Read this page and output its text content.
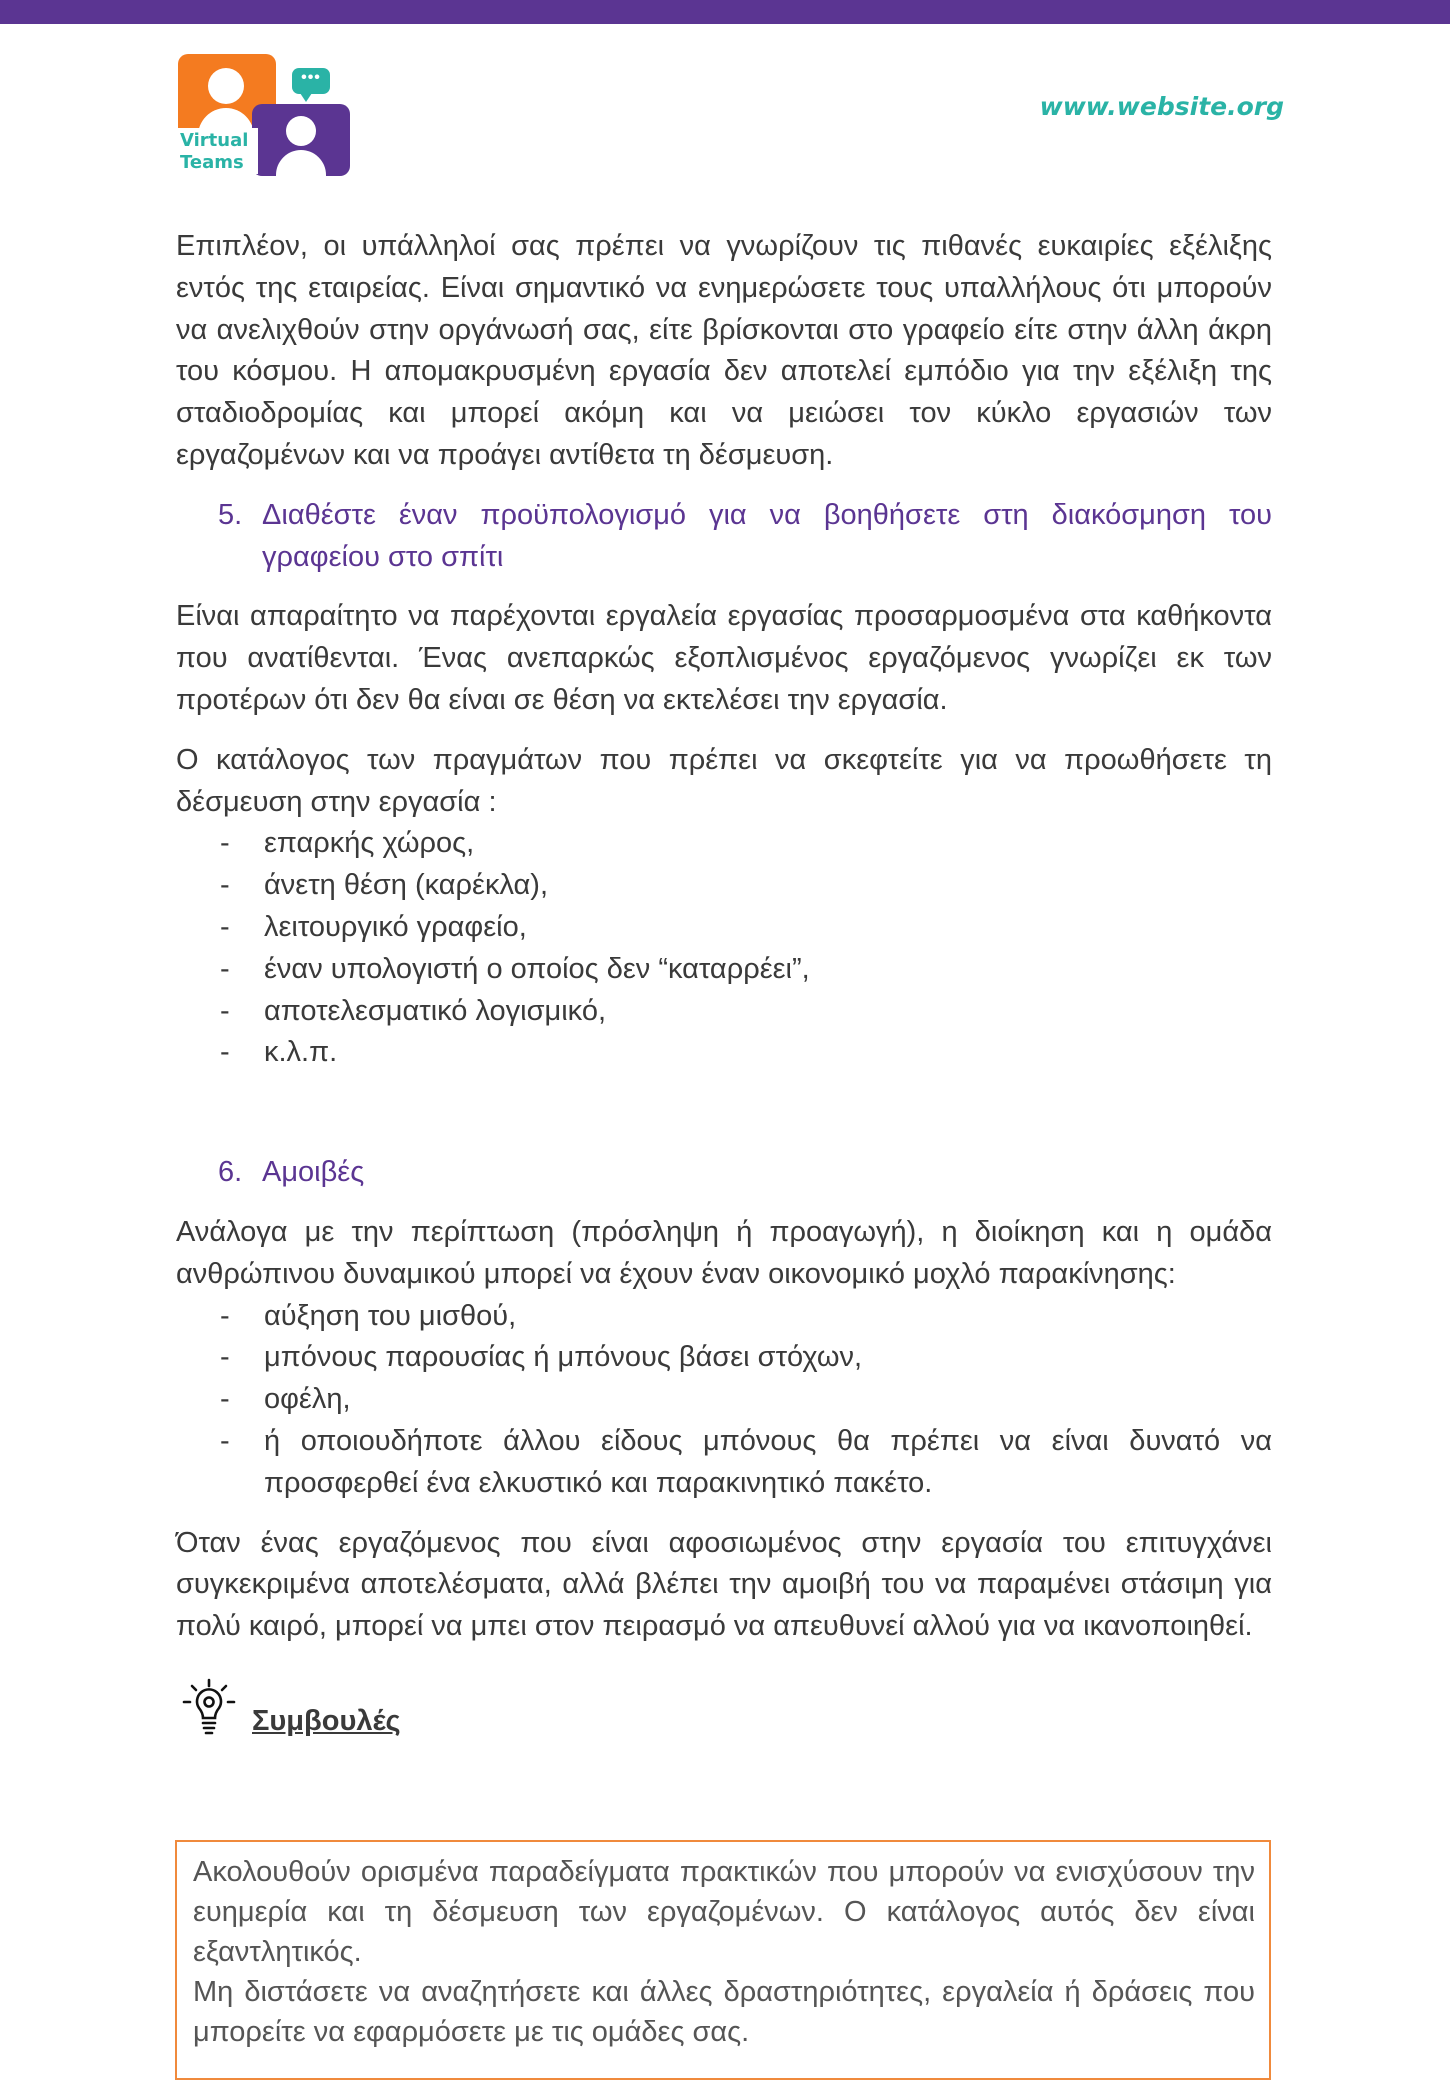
•••
Virtual
Teams
www.website.org

Επιπλέον, οι υπάλληλοί σας πρέπει να γνωρίζουν τις πιθανές ευκαιρίες εξέλιξης εντός της εταιρείας. Είναι σημαντικό να ενημερώσετε τους υπαλλήλους ότι μπορούν να ανελιχθούν στην οργάνωσή σας, είτε βρίσκονται στο γραφείο είτε στην άλλη άκρη του κόσμου. Η απομακρυσμένη εργασία δεν αποτελεί εμπόδιο για την εξέλιξη της σταδιοδρομίας και μπορεί ακόμη και να μειώσει τον κύκλο εργασιών των εργαζομένων και να προάγει αντίθετα τη δέσμευση.

5. Διαθέστε έναν προϋπολογισμό για να βοηθήσετε στη διακόσμηση του γραφείου στο σπίτι

Είναι απαραίτητο να παρέχονται εργαλεία εργασίας προσαρμοσμένα στα καθήκοντα που ανατίθενται. Ένας ανεπαρκώς εξοπλισμένος εργαζόμενος γνωρίζει εκ των προτέρων ότι δεν θα είναι σε θέση να εκτελέσει την εργασία.

Ο κατάλογος των πραγμάτων που πρέπει να σκεφτείτε για να προωθήσετε τη δέσμευση στην εργασία :

-	επαρκής χώρος,
-	άνετη θέση (καρέκλα),
-	λειτουργικό γραφείο,
-	έναν υπολογιστή ο οποίος δεν “καταρρέει”,
-	αποτελεσματικό λογισμικό,
-	κ.λ.π.
6. Αμοιβές

Ανάλογα με την περίπτωση (πρόσληψη ή προαγωγή), η διοίκηση και η ομάδα ανθρώπινου δυναμικού μπορεί να έχουν έναν οικονομικό μοχλό παρακίνησης:

-	αύξηση του μισθού,
-	μπόνους παρουσίας ή μπόνους βάσει στόχων,
-	οφέλη,
-	ή οποιουδήποτε άλλου είδους μπόνους θα πρέπει να είναι δυνατό να προσφερθεί ένα ελκυστικό και παρακινητικό πακέτο.

Όταν ένας εργαζόμενος που είναι αφοσιωμένος στην εργασία του επιτυγχάνει συγκεκριμένα αποτελέσματα, αλλά βλέπει την αμοιβή του να παραμένει στάσιμη για πολύ καιρό, μπορεί να μπει στον πειρασμό να απευθυνεί αλλού για να ικανοποιηθεί.

Συμβουλές

Ακολουθούν ορισμένα παραδείγματα πρακτικών που μπορούν να ενισχύσουν την ευημερία και τη δέσμευση των εργαζομένων. Ο κατάλογος αυτός δεν είναι εξαντλητικός.

Μη διστάσετε να αναζητήσετε και άλλες δραστηριότητες, εργαλεία ή δράσεις που μπορείτε να εφαρμόσετε με τις ομάδες σας.
